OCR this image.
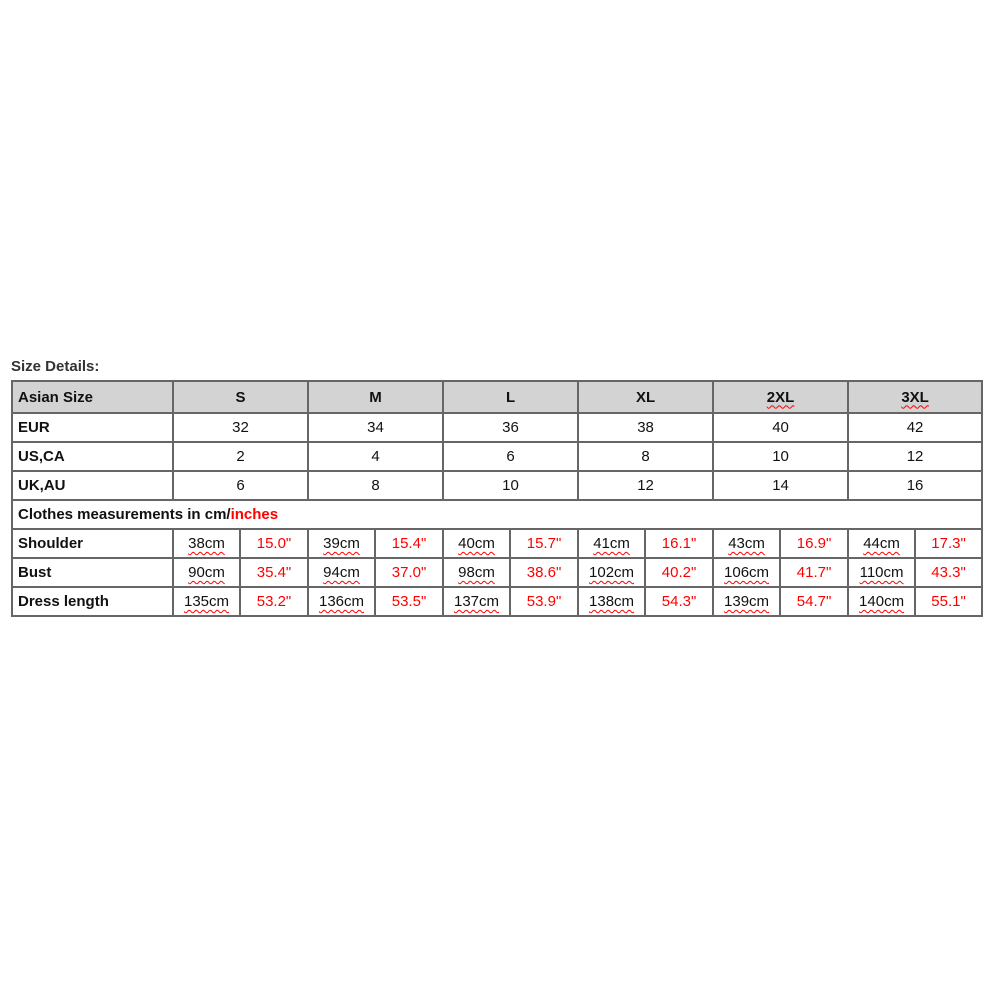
Size Details:
Asian Size	S		M		L		XL		2XL		3XL	
EUR	32		34		36		38		40		42	
US,CA	2		4		6		8		10		12	
UK,AU	6		8		10		12		14		16	
Clothes measurements in cm/inches												
Shoulder	38cm	15.0"	39cm	15.4"	40cm	15.7"	41cm	16.1"	43cm	16.9"	44cm	17.3"
Bust	90cm	35.4"	94cm	37.0"	98cm	38.6"	102cm	40.2"	106cm	41.7"	110cm	43.3"
Dress length	135cm	53.2"	136cm	53.5"	137cm	53.9"	138cm	54.3"	139cm	54.7"	140cm	55.1"
